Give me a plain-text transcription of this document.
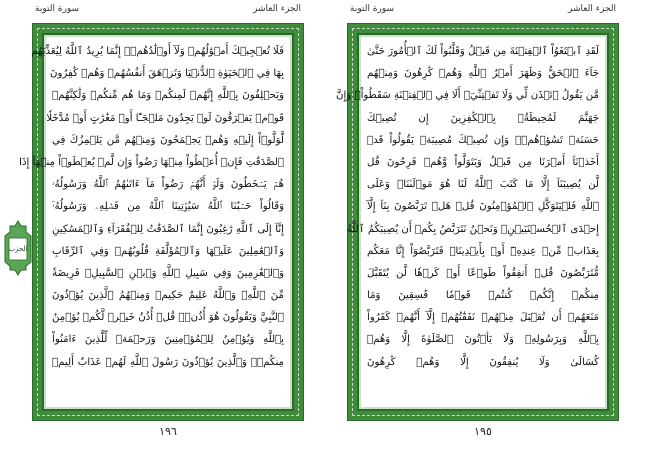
الجزء العاشر
سورة التوبة
فَلَا تُعۡجِبۡكَ أَمۡوَٰلُهُمۡ وَلَآ أَوۡلَٰدُهُمۡۚ إِنَّمَا يُرِيدُ ٱللَّهُ لِيُعَذِّبَهُم
بِهَا فِي ٱلۡحَيَوٰةِ ٱلدُّنۡيَا وَتَزۡهَقَ أَنفُسُهُمۡ وَهُمۡ كَٰفِرُونَ
وَيَحۡلِفُونَ بِٱللَّهِ إِنَّهُمۡ لَمِنكُمۡ وَمَا هُم مِّنكُمۡ وَلَٰكِنَّهُمۡ
قَوۡمٞ يَفۡرَقُونَ لَوۡ يَجِدُونَ مَلۡجَـًٔا أَوۡ مَغَٰرَٰتٍ أَوۡ مُدَّخَلٗا
لَّوَلَّوۡاْ إِلَيۡهِ وَهُمۡ يَجۡمَحُونَ وَمِنۡهُم مَّن يَلۡمِزُكَ فِي
ٱلصَّدَقَٰتِ فَإِنۡ أُعۡطُواْ مِنۡهَا رَضُواْ وَإِن لَّمۡ يُعۡطَوۡاْ مِنۡهَآ إِذَا
هُمۡ يَسۡخَطُونَ وَلَوۡ أَنَّهُمۡ رَضُواْ مَآ ءَاتَىٰهُمُ ٱللَّهُ وَرَسُولُهُۥ
وَقَالُواْ حَسۡبُنَا ٱللَّهُ سَيُؤۡتِينَا ٱللَّهُ مِن فَضۡلِهِۦ وَرَسُولُهُۥٓ
إِنَّآ إِلَى ٱللَّهِ رَٰغِبُونَ إِنَّمَا ٱلصَّدَقَٰتُ لِلۡفُقَرَآءِ وَٱلۡمَسَٰكِينِ
وَٱلۡعَٰمِلِينَ عَلَيۡهَا وَٱلۡمُؤَلَّفَةِ قُلُوبُهُمۡ وَفِي ٱلرِّقَابِ
وَٱلۡغَٰرِمِينَ وَفِي سَبِيلِ ٱللَّهِ وَٱبۡنِ ٱلسَّبِيلِۖ فَرِيضَةٗ
مِّنَ ٱللَّهِۗ وَٱللَّهُ عَلِيمٌ حَكِيمٞ وَمِنۡهُمُ ٱلَّذِينَ يُؤۡذُونَ
ٱلنَّبِيَّ وَيَقُولُونَ هُوَ أُذُنٞۚ قُلۡ أُذُنُ خَيۡرٖ لَّكُمۡ يُؤۡمِنُ
بِٱللَّهِ وَيُؤۡمِنُ لِلۡمُؤۡمِنِينَ وَرَحۡمَةٞ لِّلَّذِينَ ءَامَنُواْ
مِنكُمۡۚ وَٱلَّذِينَ يُؤۡذُونَ رَسُولَ ٱللَّهِ لَهُمۡ عَذَابٌ أَلِيمٞ
١٩٦
الحزب
الجزء العاشر
سورة التوبة
لَقَدِ ٱبۡتَغَوُاْ ٱلۡفِتۡنَةَ مِن قَبۡلُ وَقَلَّبُواْ لَكَ ٱلۡأُمُورَ حَتَّىٰ
جَآءَ ٱلۡحَقُّ وَظَهَرَ أَمۡرُ ٱللَّهِ وَهُمۡ كَٰرِهُونَ وَمِنۡهُم
مَّن يَقُولُ ٱئۡذَن لِّي وَلَا تَفۡتِنِّيٓۚ أَلَا فِي ٱلۡفِتۡنَةِ سَقَطُواْۗ وَإِنَّ
جَهَنَّمَ لَمُحِيطَةُۢ بِٱلۡكَٰفِرِينَ إِن تُصِبۡكَ
حَسَنَةٞ تَسُؤۡهُمۡۖ وَإِن تُصِبۡكَ مُصِيبَةٞ يَقُولُواْ قَدۡ
أَخَذۡنَآ أَمۡرَنَا مِن قَبۡلُ وَيَتَوَلَّواْ وَّهُمۡ فَرِحُونَ قُل
لَّن يُصِيبَنَآ إِلَّا مَا كَتَبَ ٱللَّهُ لَنَا هُوَ مَوۡلَىٰنَاۚ وَعَلَى
ٱللَّهِ فَلۡيَتَوَكَّلِ ٱلۡمُؤۡمِنُونَ قُلۡ هَلۡ تَرَبَّصُونَ بِنَآ إِلَّآ
إِحۡدَى ٱلۡحُسۡنَيَيۡنِۖ وَنَحۡنُ نَتَرَبَّصُ بِكُمۡ أَن يُصِيبَكُمُ ٱللَّهُ
بِعَذَابٖ مِّنۡ عِندِهِۦٓ أَوۡ بِأَيۡدِينَاۖ فَتَرَبَّصُوٓاْ إِنَّا مَعَكُم
مُّتَرَبِّصُونَ قُلۡ أَنفِقُواْ طَوۡعًا أَوۡ كَرۡهٗا لَّن يُتَقَبَّلَ
مِنكُمۡ إِنَّكُمۡ كُنتُمۡ قَوۡمٗا فَٰسِقِينَ وَمَا
مَنَعَهُمۡ أَن تُقۡبَلَ مِنۡهُمۡ نَفَقَٰتُهُمۡ إِلَّآ أَنَّهُمۡ كَفَرُواْ
بِٱللَّهِ وَبِرَسُولِهِۦ وَلَا يَأۡتُونَ ٱلصَّلَوٰةَ إِلَّا وَهُمۡ
كُسَالَىٰ وَلَا يُنفِقُونَ إِلَّا وَهُمۡ كَٰرِهُونَ
١٩٥
